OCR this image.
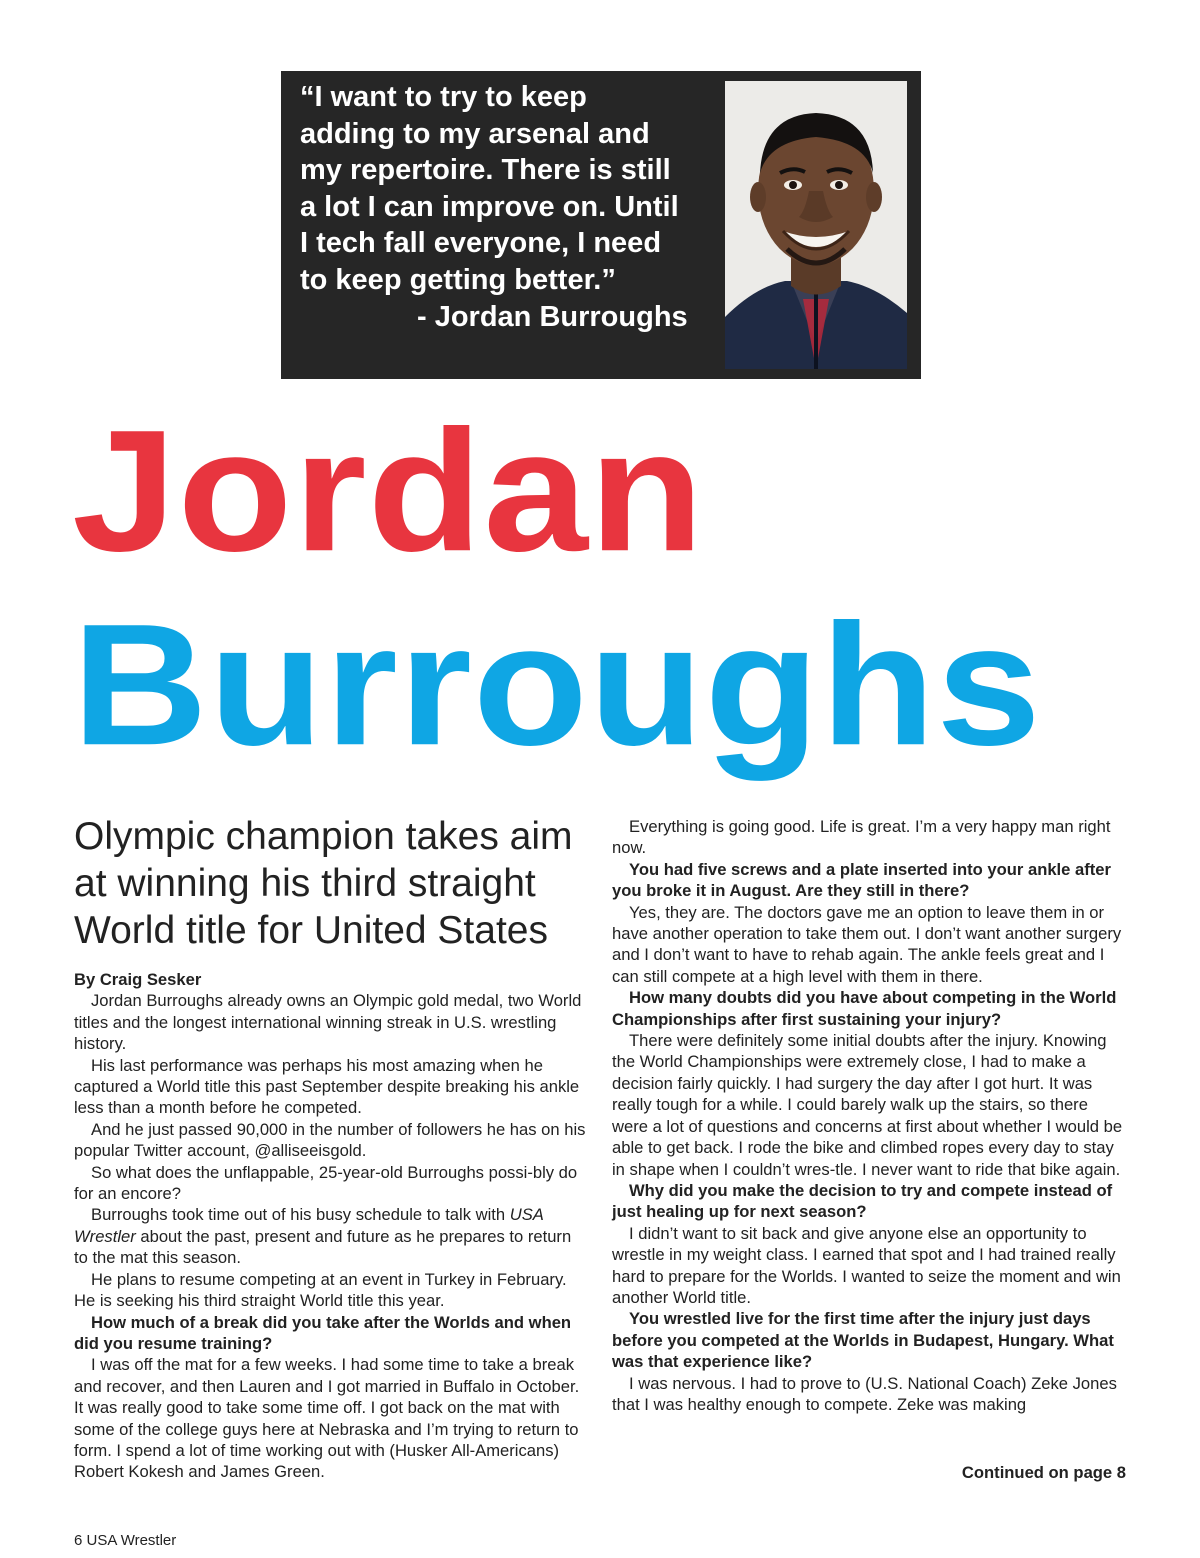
“I want to try to keep
adding to my arsenal and
my repertoire. There is still
a lot I can improve on. Until
I tech fall everyone, I need
to keep getting better.”

- Jordan Burroughs

Jordan
Burroughs
Olympic champion takes aim
at winning his third straight
World title for United States

By Craig Sesker

Jordan Burroughs already owns an Olympic gold medal, two World titles and the longest international winning streak in U.S. wrestling history.

His last performance was perhaps his most amazing when he captured a World title this past September despite breaking his ankle less than a month before he competed.

And he just passed 90,000 in the number of followers he has on his popular Twitter account, @alliseeisgold.

So what does the unflappable, 25-year-old Burroughs possi-bly do for an encore?

Burroughs took time out of his busy schedule to talk with USA Wrestler about the past, present and future as he prepares to return to the mat this season.

He plans to resume competing at an event in Turkey in February. He is seeking his third straight World title this year.

How much of a break did you take after the Worlds and when did you resume training?

I was off the mat for a few weeks. I had some time to take a break and recover, and then Lauren and I got married in Buffalo in October. It was really good to take some time off. I got back on the mat with some of the college guys here at Nebraska and I’m trying to return to form. I spend a lot of time working out with (Husker All-Americans) Robert Kokesh and James Green.

Everything is going good. Life is great. I’m a very happy man right now.

You had five screws and a plate inserted into your ankle after you broke it in August. Are they still in there?

Yes, they are. The doctors gave me an option to leave them in or have another operation to take them out. I don’t want another surgery and I don’t want to have to rehab again. The ankle feels great and I can still compete at a high level with them in there.

How many doubts did you have about competing in the World Championships after first sustaining your injury?

There were definitely some initial doubts after the injury. Knowing the World Championships were extremely close, I had to make a decision fairly quickly. I had surgery the day after I got hurt. It was really tough for a while. I could barely walk up the stairs, so there were a lot of questions and concerns at first about whether I would be able to get back. I rode the bike and climbed ropes every day to stay in shape when I couldn’t wres-tle. I never want to ride that bike again.

Why did you make the decision to try and compete instead of just healing up for next season?

I didn’t want to sit back and give anyone else an opportunity to wrestle in my weight class. I earned that spot and I had trained really hard to prepare for the Worlds. I wanted to seize the moment and win another World title.

You wrestled live for the first time after the injury just days before you competed at the Worlds in Budapest, Hungary. What was that experience like?

I was nervous. I had to prove to (U.S. National Coach) Zeke Jones that I was healthy enough to compete. Zeke was making

Continued on page 8
6 USA Wrestler
